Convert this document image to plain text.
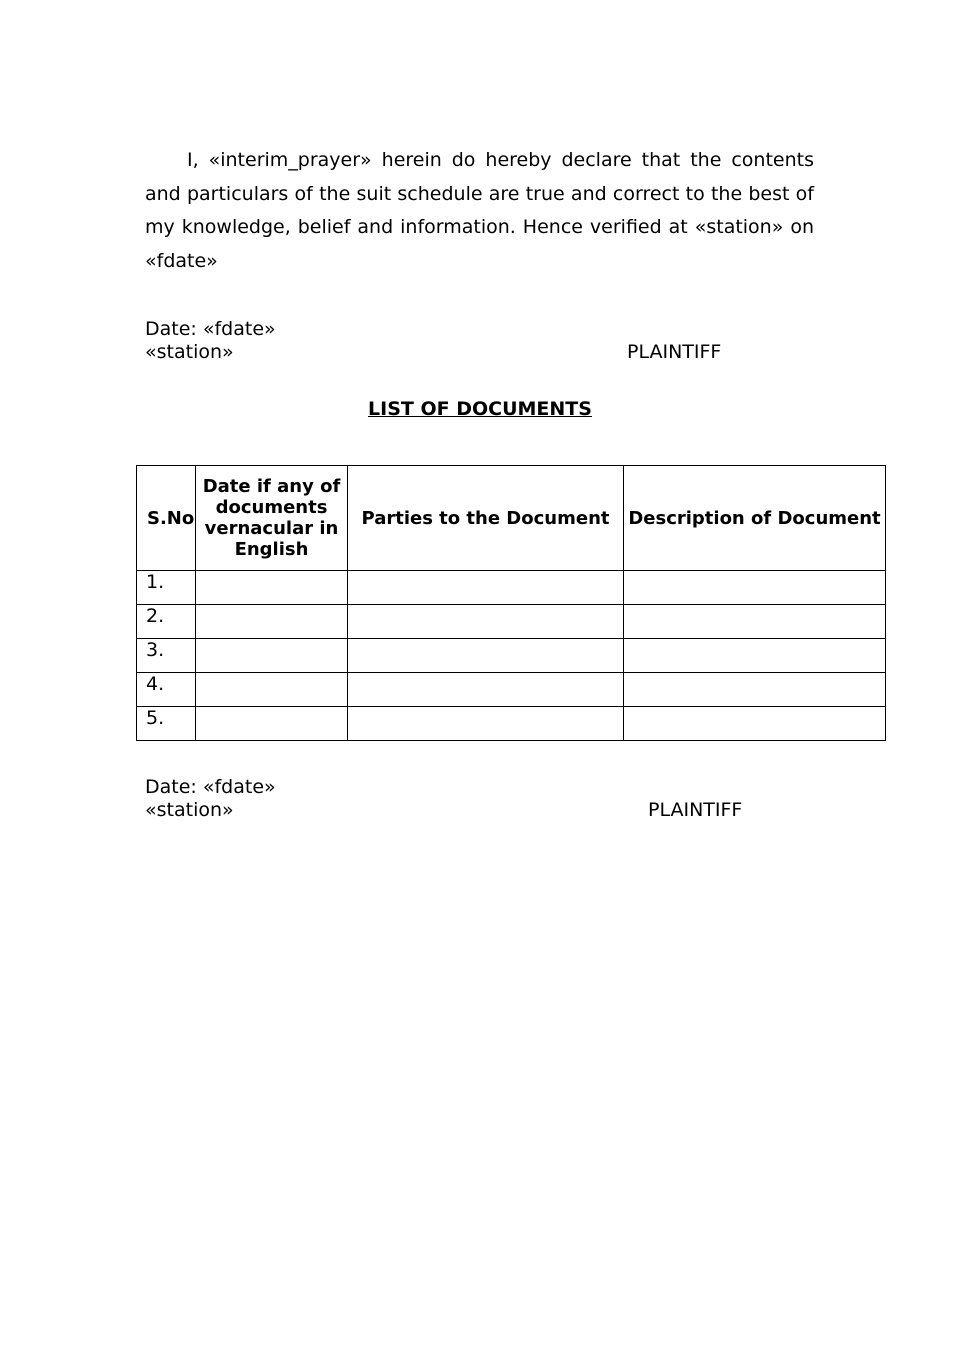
I, «interim_prayer» herein do hereby declare that the contents and particulars of the suit schedule are true and correct to the best of my knowledge, belief and information. Hence verified at «station» on «fdate»

Date: «fdate»
«station»	PLAINTIFF
LIST OF DOCUMENTS
S.No	Date if any of documents vernacular in English	Parties to the Document	Description of Document
1.			
2.			
3.			
4.			
5.			
Date: «fdate»
«station»	PLAINTIFF
